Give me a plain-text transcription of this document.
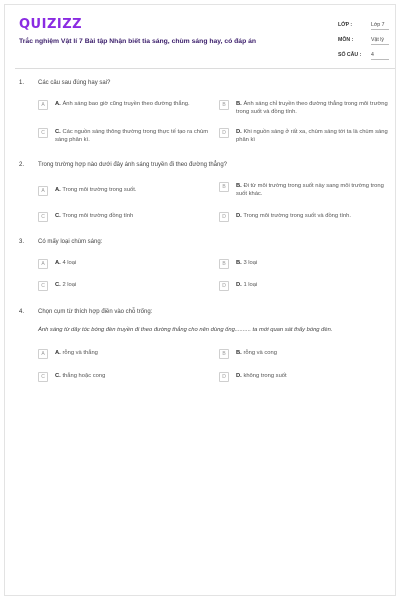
QUIZIZZ
Trắc nghiệm Vật lí 7 Bài tập Nhận biết tia sáng, chùm sáng hay, có đáp án
LỚP :	Lớp 7
MÔN :	Vật lý
SỐ CÂU : 4
1. Các câu sau đúng hay sai?
A	A. Ánh sáng bao giờ cũng truyền theo đường thẳng.	B	B. Ánh sáng chỉ truyền theo đường thẳng trong môi trường trong suốt và đồng tính.
C	C. Các nguồn sáng thông thường trong thực tế tạo ra chùm sáng phân kì.
D	D. Khi nguồn sáng ở rất xa, chùm sáng tới ta là chùm sáng phân kì
2. Trong trường hợp nào dưới đây ánh sáng truyền đi theo đường thẳng?
A	A. Trong môi trường trong suốt.	B	B. Đi từ môi trường trong suốt này sang môi trường trong suốt khác.
C	C. Trong môi trường đồng tính	D	D. Trong môi trường trong suốt và đồng tính.
3. Có mấy loại chùm sáng:
A	A. 4 loại	B	B. 3 loại
C	C. 2 loại	D	D. 1 loại
4. Chọn cụm từ thích hợp điền vào chỗ trống:
Ánh sáng từ dây tóc bóng đèn truyền đi theo đường thẳng cho nên dùng ống.......... ta mới quan sát thấy bóng đèn.
A	A. rỗng và thẳng	B	B. rỗng và cong
C	C. thẳng hoặc cong	D	D. không trong suốt
